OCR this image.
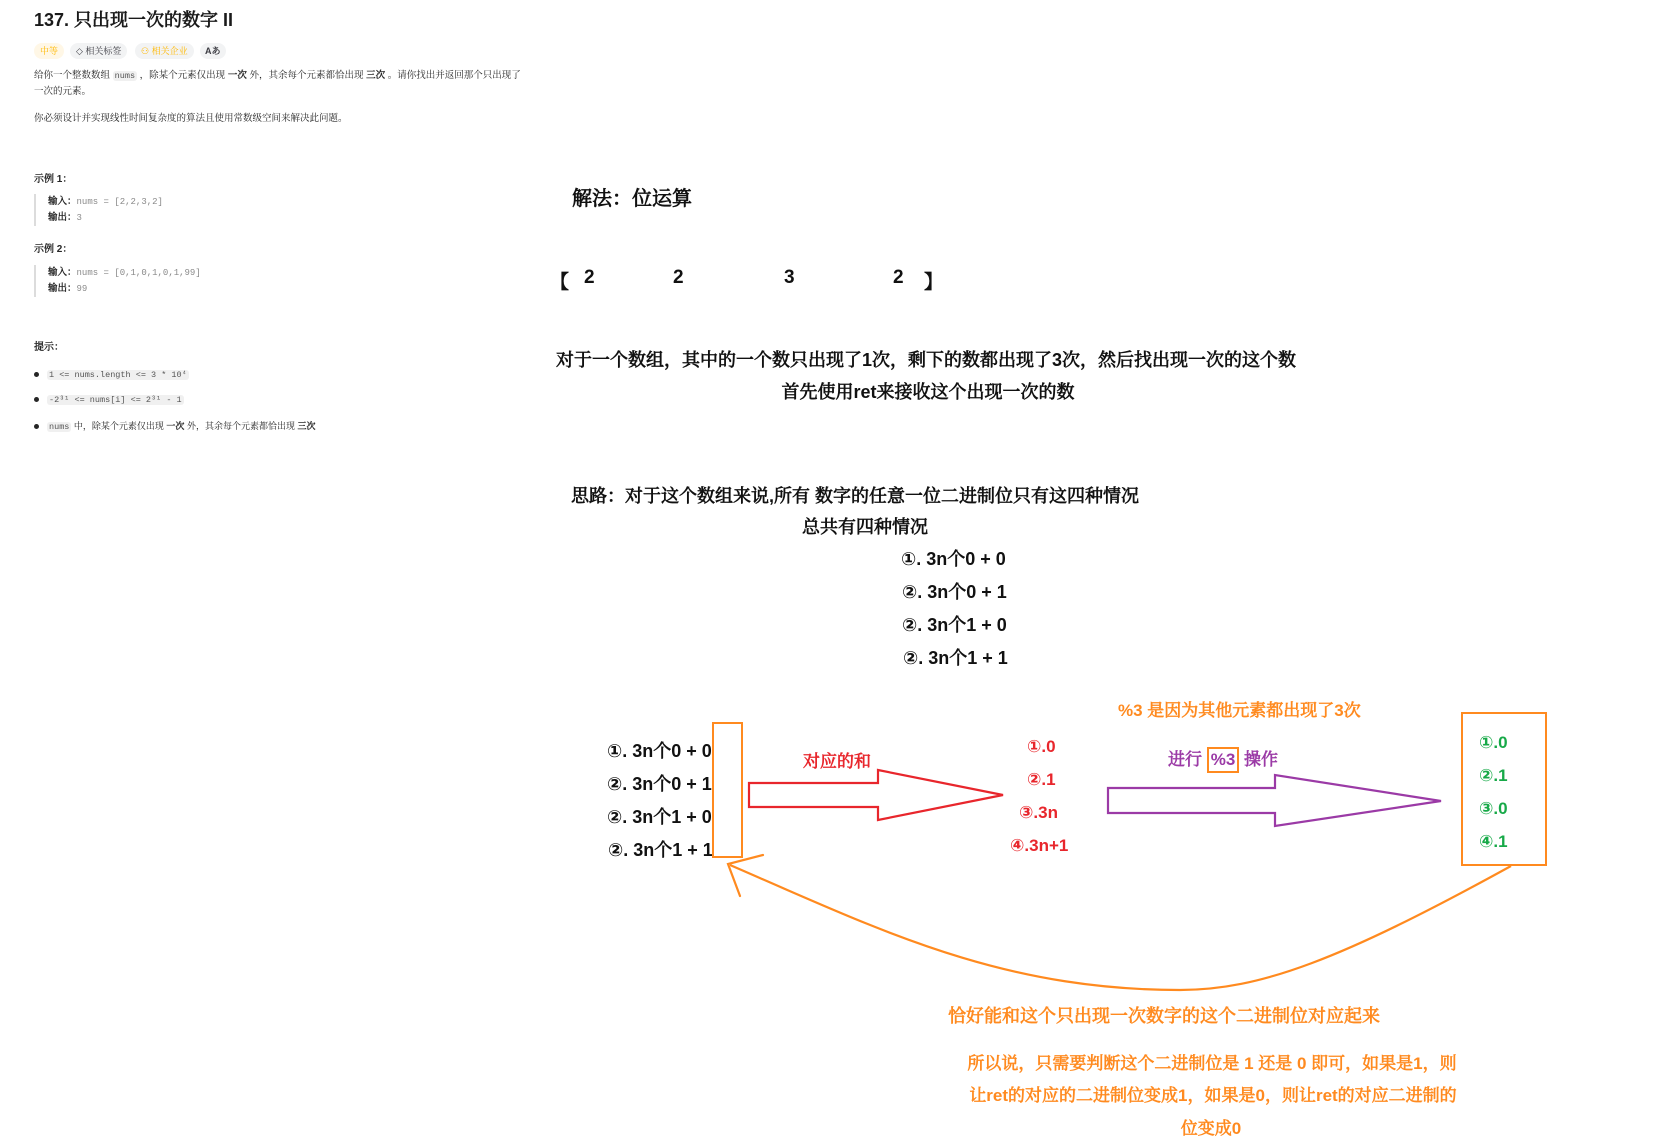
137. 只出现一次的数字 II
中等	◇ 相关标签	⚇ 相关企业	Aあ
给你一个整数数组 nums ，除某个元素仅出现 一次 外，其余每个元素都恰出现 三次 。请你找出并返回那个只出现了
一次的元素。
你必须设计并实现线性时间复杂度的算法且使用常数级空间来解决此问题。
示例 1：
输入：nums = [2,2,3,2]
输出：3
示例 2：
输入：nums = [0,1,0,1,0,1,99]
输出：99
提示：
1 <= nums.length <= 3 * 10⁴
-2³¹ <= nums[i] <= 2³¹ - 1
nums 中，除某个元素仅出现 一次 外，其余每个元素都恰出现 三次
解法：位运算
【 2	2	3	2 】
对于一个数组，其中的一个数只出现了1次，剩下的数都出现了3次，然后找出现一次的这个数
首先使用ret来接收这个出现一次的数
思路：对于这个数组来说,所有 数字的任意一位二进制位只有这四种情况
总共有四种情况
①. 3n个0 + 0
②. 3n个0 + 1
②. 3n个1 + 0
②. 3n个1 + 1
①. 3n个0 + 0
②. 3n个0 + 1
②. 3n个1 + 0
②. 3n个1 + 1
对应的和
①.0
②.1
③.3n
④.3n+1
%3 是因为其他元素都出现了3次
进行 %3 操作
①.0
②.1
③.0
④.1
恰好能和这个只出现一次数字的这个二进制位对应起来
所以说，只需要判断这个二进制位是 1 还是 0 即可，如果是1，则
让ret的对应的二进制位变成1，如果是0，则让ret的对应二进制的
位变成0
